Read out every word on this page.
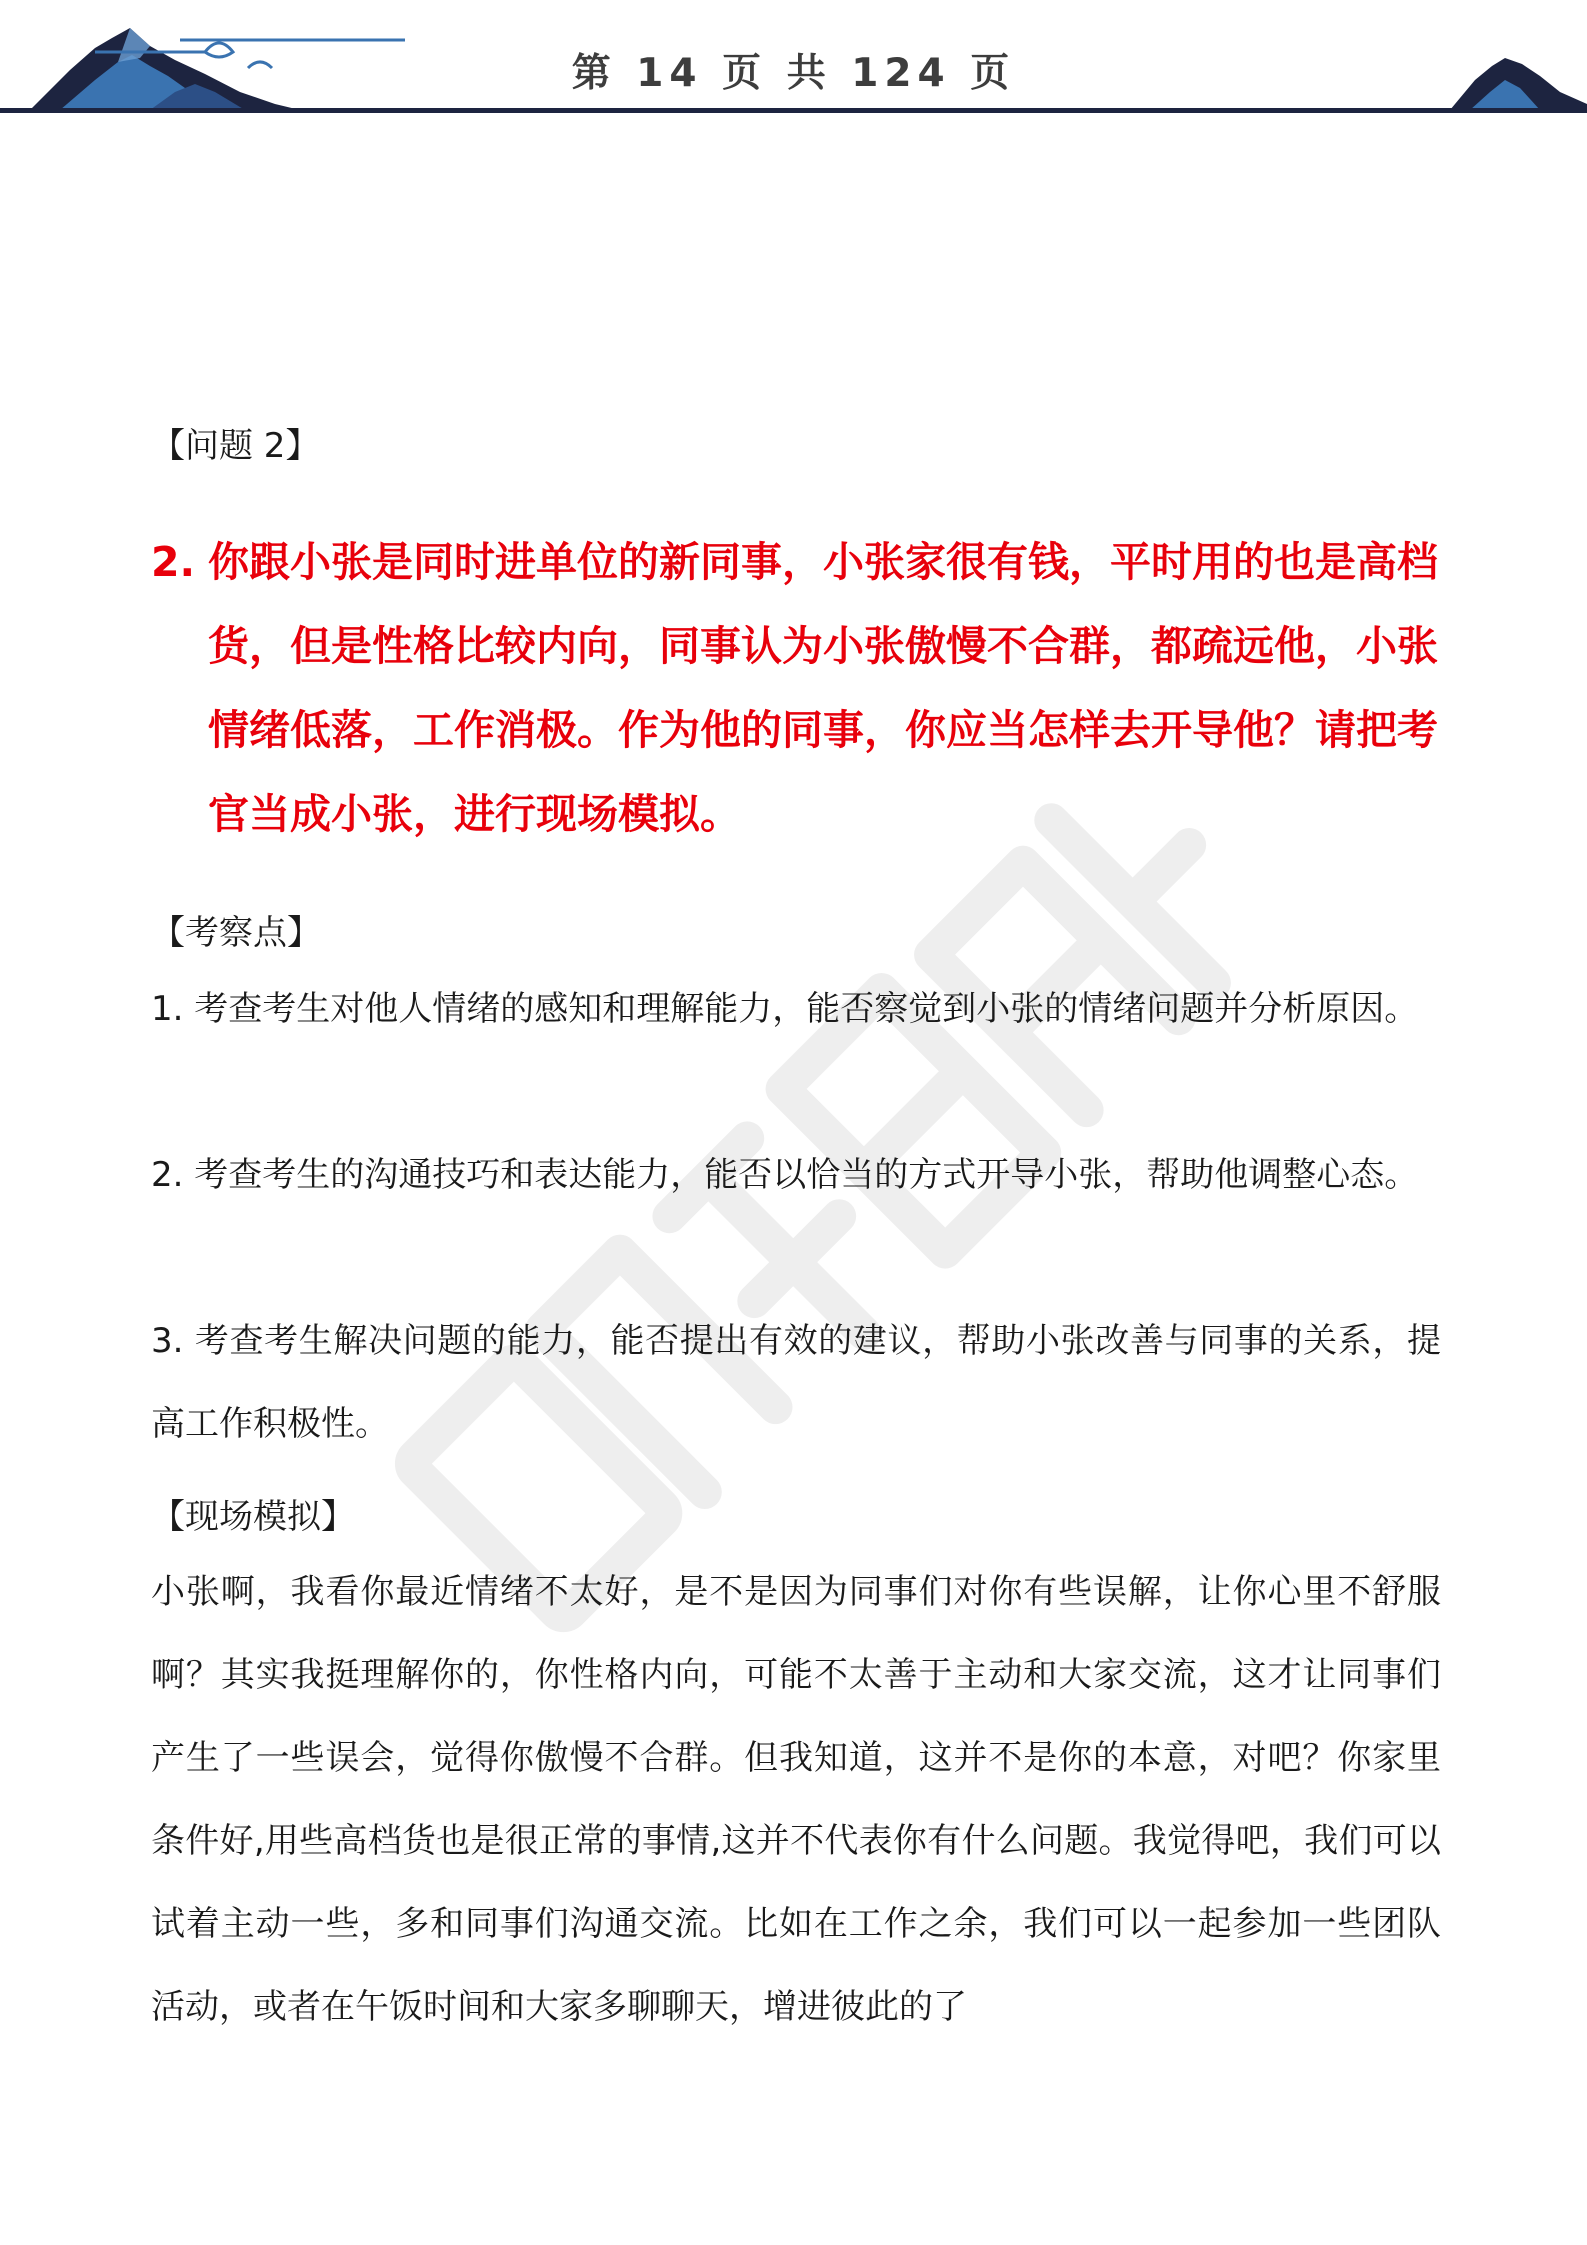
第 14 页 共 124 页
【问题 2】
2. 你跟小张是同时进单位的新同事，小张家很有钱，平时用的也是高档货，但是性格比较内向，同事认为小张傲慢不合群，都疏远他，小张情绪低落，工作消极。作为他的同事，你应当怎样去开导他？请把考官当成小张，进行现场模拟。
【考察点】
1. 考查考生对他人情绪的感知和理解能力，能否察觉到小张的情绪问题并分析原因。
2. 考查考生的沟通技巧和表达能力，能否以恰当的方式开导小张，帮助他调整心态。
3. 考查考生解决问题的能力，能否提出有效的建议，帮助小张改善与同事的关系，提高工作积极性。
【现场模拟】
小张啊，我看你最近情绪不太好，是不是因为同事们对你有些误解，让你心里不舒服啊？其实我挺理解你的，你性格内向，可能不太善于主动和大家交流，这才让同事们产生了一些误会，觉得你傲慢不合群。但我知道，这并不是你的本意，对吧？你家里条件好,用些高档货也是很正常的事情,这并不代表你有什么问题。我觉得吧，我们可以试着主动一些，多和同事们沟通交流。比如在工作之余，我们可以一起参加一些团队活动，或者在午饭时间和大家多聊聊天，增进彼此的了
